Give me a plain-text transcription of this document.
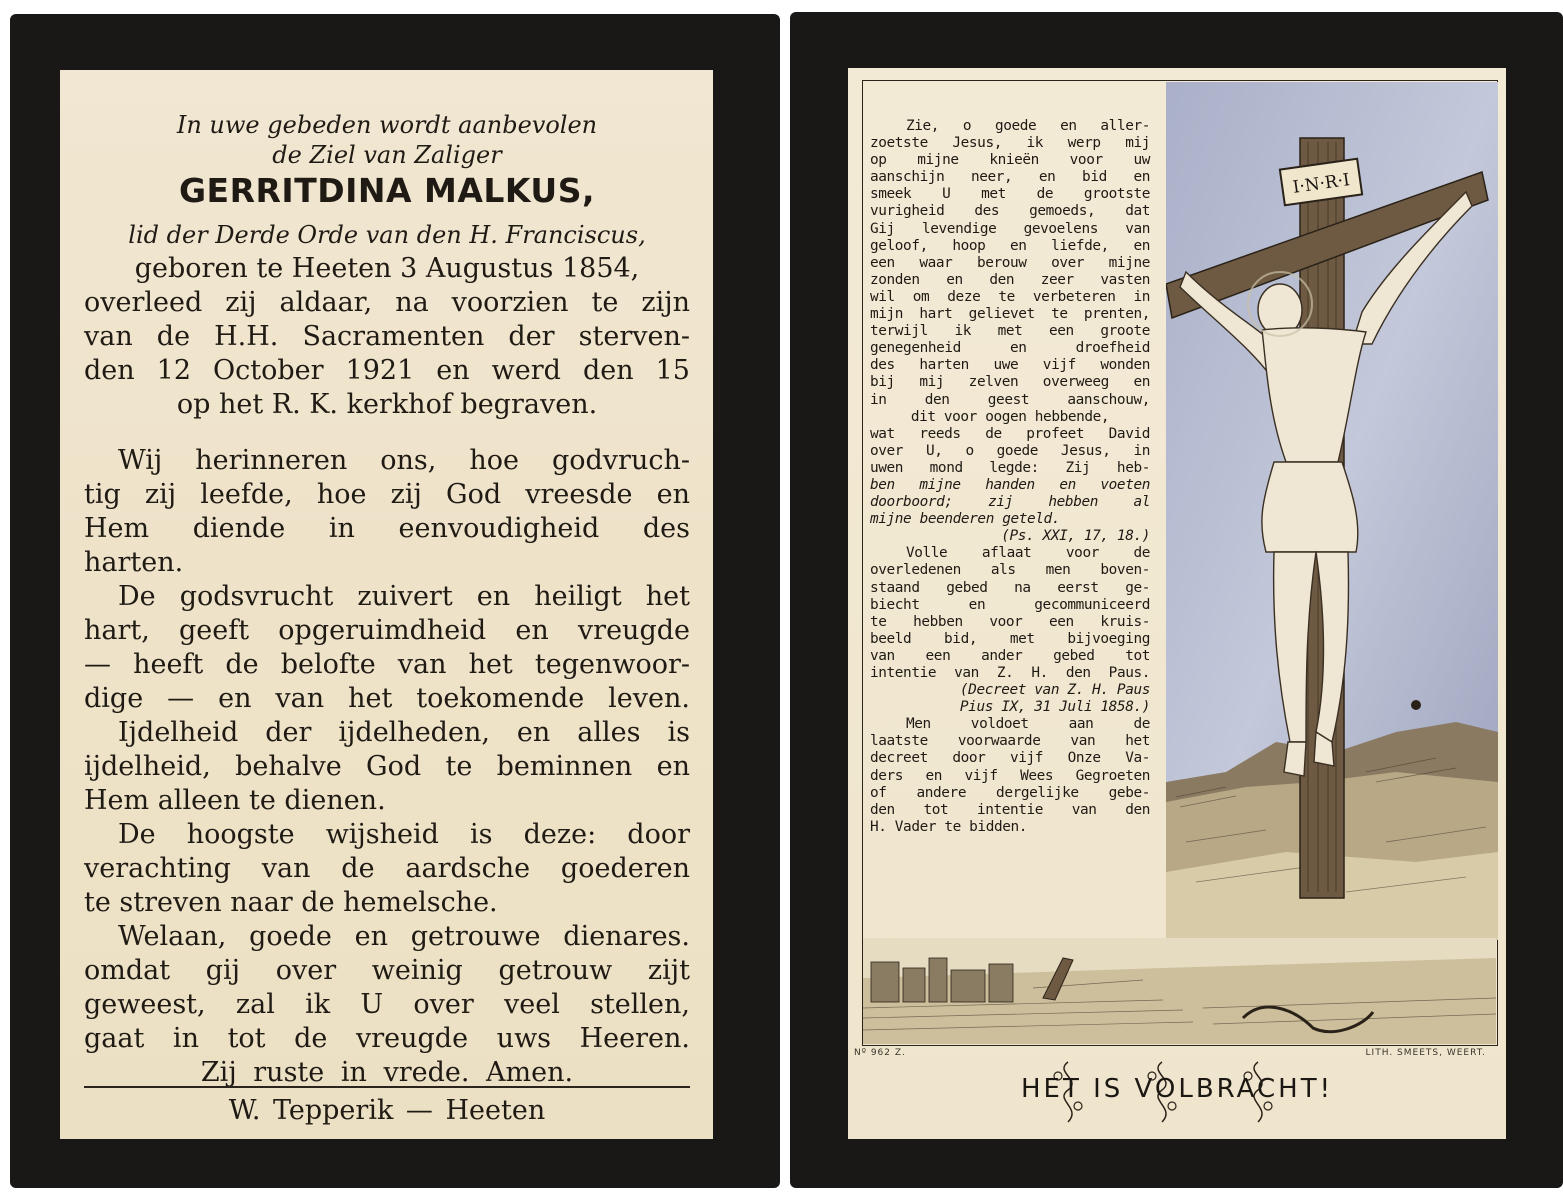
In uwe gebeden wordt aanbevolen
de Ziel van Zaliger
GERRITDINA MALKUS,
lid der Derde Orde van den H. Franciscus,
geboren te Heeten 3 Augustus 1854,
overleed zij aldaar, na voorzien te zijn
van de H.H. Sacramenten der sterven-
den 12 October 1921 en werd den 15
op het R. K. kerkhof begraven.
Wij herinneren ons, hoe godvruch-
tig zij leefde, hoe zij God vreesde en
Hem diende in eenvoudigheid des
harten.
De godsvrucht zuivert en heiligt het
hart, geeft opgeruimdheid en vreugde
— heeft de belofte van het tegenwoor-
dige — en van het toekomende leven.
Ijdelheid der ijdelheden, en alles is
ijdelheid, behalve God te beminnen en
Hem alleen te dienen.
De hoogste wijsheid is deze: door
verachting van de aardsche goederen
te streven naar de hemelsche.
Welaan, goede en getrouwe dienares.
omdat gij over weinig getrouw zijt
geweest, zal ik U over veel stellen,
gaat in tot de vreugde uws Heeren.
Zij ruste in vrede. Amen.
W. Tepperik — Heeten
Zie, o goede en aller-
zoetste Jesus, ik werp mij
op mijne knieën voor uw
aanschijn neer, en bid en
smeek U met de grootste
vurigheid des gemoeds, dat
Gij levendige gevoelens van
geloof, hoop en liefde, en
een waar berouw over mijne
zonden en den zeer vasten
wil om deze te verbeteren in
mijn hart gelievet te prenten,
terwijl ik met een groote
genegenheid en droefheid
des harten uwe vijf wonden
bij mij zelven overweeg en
in den geest aanschouw,
dit voor oogen hebbende,
wat reeds de profeet David
over U, o goede Jesus, in
uwen mond legde: Zij heb-
ben mijne handen en voeten
doorboord; zij hebben al
mijne beenderen geteld.
(Ps. XXI, 17, 18.)
Volle aflaat voor de
overledenen als men boven-
staand gebed na eerst ge-
biecht en gecommuniceerd
te hebben voor een kruis-
beeld bid, met bijvoeging
van een ander gebed tot
intentie van Z. H. den Paus.
(Decreet van Z. H. Paus
Pius IX, 31 Juli 1858.)
Men voldoet aan de
laatste voorwaarde van het
decreet door vijf Onze Va-
ders en vijf Wees Gegroeten
of andere dergelijke gebe-
den tot intentie van den
H. Vader te bidden.
I·N·R·I
Nº 962 Z.	LITH. SMEETS, WEERT.
HET IS VOLBRACHT!
